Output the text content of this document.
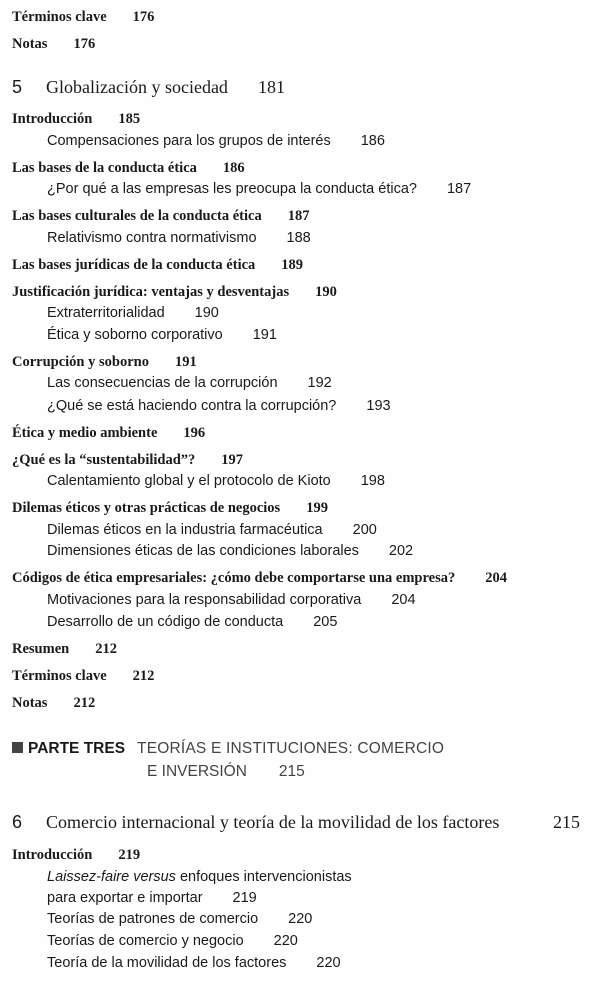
Términos clave 176
Notas 176
5 Globalización y sociedad 181
Introducción 185
Compensaciones para los grupos de interés 186
Las bases de la conducta ética 186
¿Por qué a las empresas les preocupa la conducta ética? 187
Las bases culturales de la conducta ética 187
Relativismo contra normativismo 188
Las bases jurídicas de la conducta ética 189
Justificación jurídica: ventajas y desventajas 190
Extraterritorialidad 190
Ética y soborno corporativo 191
Corrupción y soborno 191
Las consecuencias de la corrupción 192
¿Qué se está haciendo contra la corrupción? 193
Ética y medio ambiente 196
¿Qué es la “sustentabilidad”? 197
Calentamiento global y el protocolo de Kioto 198
Dilemas éticos y otras prácticas de negocios 199
Dilemas éticos en la industria farmacéutica 200
Dimensiones éticas de las condiciones laborales 202
Códigos de ética empresariales: ¿cómo debe comportarse una empresa? 204
Motivaciones para la responsabilidad corporativa 204
Desarrollo de un código de conducta 205
Resumen 212
Términos clave 212
Notas 212
PARTE TRES TEORÍAS E INSTITUCIONES: COMERCIO
E INVERSIÓN 215
6 Comercio internacional y teoría de la movilidad de los factores	215
Introducción 219
Laissez-faire versus enfoques intervencionistas
para exportar e importar 219
Teorías de patrones de comercio 220
Teorías de comercio y negocio 220
Teoría de la movilidad de los factores 220
